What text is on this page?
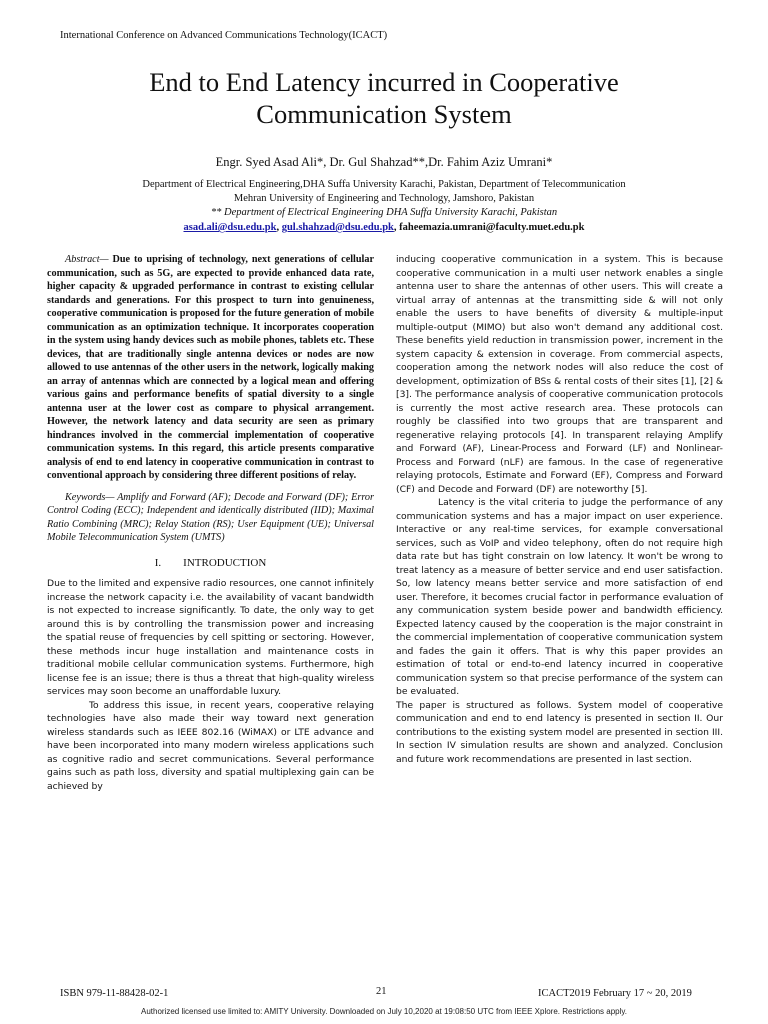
International Conference on Advanced Communications Technology(ICACT)
End to End Latency incurred in Cooperative
Communication System
Engr. Syed Asad Ali*, Dr. Gul Shahzad**,Dr. Fahim Aziz Umrani*
Department of Electrical Engineering,DHA Suffa University Karachi, Pakistan, Department of Telecommunication
Mehran University of Engineering and Technology, Jamshoro, Pakistan
** Department of Electrical Engineering DHA Suffa University Karachi, Pakistan
asad.ali@dsu.edu.pk, gul.shahzad@dsu.edu.pk, faheemazia.umrani@faculty.muet.edu.pk

Abstract— Due to uprising of technology, next generations of cellular communication, such as 5G, are expected to provide enhanced data rate, higher capacity & upgraded performance in contrast to existing cellular standards and generations. For this prospect to turn into genuineness, cooperative communication is proposed for the future generation of mobile communication as an optimization technique. It incorporates cooperation in the system using handy devices such as mobile phones, tablets etc. These devices, that are traditionally single antenna devices or nodes are now allowed to use antennas of the other users in the network, logically making an array of antennas which are connected by a logical mean and offering various gains and performance benefits of spatial diversity to a single antenna user at the lower cost as compare to physical arrangement. However, the network latency and data security are seen as primary hindrances involved in the commercial implementation of cooperative communication systems. In this regard, this article presents comparative analysis of end to end latency in cooperative communication in contrast to conventional approach by considering three different positions of relay.

Keywords— Amplify and Forward (AF); Decode and Forward (DF); Error Control Coding (ECC); Independent and identically distributed (IID); Maximal Ratio Combining (MRC); Relay Station (RS); User Equipment (UE); Universal Mobile Telecommunication System (UMTS)

I. INTRODUCTION

Due to the limited and expensive radio resources, one cannot infinitely increase the network capacity i.e. the availability of vacant bandwidth is not expected to increase significantly. To date, the only way to get around this is by controlling the transmission power and increasing the spatial reuse of frequencies by cell spitting or sectoring. However, these methods incur huge installation and maintenance costs in traditional mobile cellular communication systems. Furthermore, high license fee is an issue; there is thus a threat that high-quality wireless services may soon become an unaffordable luxury.

To address this issue, in recent years, cooperative relaying technologies have also made their way toward next generation wireless standards such as IEEE 802.16 (WiMAX) or LTE advance and have been incorporated into many modern wireless applications such as cognitive radio and secret communications. Several performance gains such as path loss, diversity and spatial multiplexing gain can be achieved by

inducing cooperative communication in a system. This is because cooperative communication in a multi user network enables a single antenna user to share the antennas of other users. This will create a virtual array of antennas at the transmitting side & will not only enable the users to have benefits of diversity & multiple-input multiple-output (MIMO) but also won't demand any additional cost. These benefits yield reduction in transmission power, increment in the system capacity & extension in coverage. From commercial aspects, cooperation among the network nodes will also reduce the cost of development, optimization of BSs & rental costs of their sites [1], [2] & [3]. The performance analysis of cooperative communication protocols is currently the most active research area. These protocols can roughly be classified into two groups that are transparent and regenerative relaying protocols [4]. In transparent relaying Amplify and Forward (AF), Linear-Process and Forward (LF) and Nonlinear-Process and Forward (nLF) are famous. In the case of regenerative relaying protocols, Estimate and Forward (EF), Compress and Forward (CF) and Decode and Forward (DF) are noteworthy [5].

Latency is the vital criteria to judge the performance of any communication systems and has a major impact on user experience. Interactive or any real-time services, for example conversational services, such as VoIP and video telephony, often do not require high data rate but has tight constrain on low latency. It won't be wrong to treat latency as a measure of better service and end user satisfaction. So, low latency means better service and more satisfaction of end user. Therefore, it becomes crucial factor in performance evaluation of any communication system beside power and bandwidth efficiency. Expected latency caused by the cooperation is the major constraint in the commercial implementation of cooperative communication system and fades the gain it offers. That is why this paper provides an estimation of total or end-to-end latency incurred in cooperative communication system so that precise performance of the system can be evaluated.

The paper is structured as follows. System model of cooperative communication and end to end latency is presented in section II. Our contributions to the existing system model are presented in section III. In section IV simulation results are shown and analyzed. Conclusion and future work recommendations are presented in last section.

ISBN 979-11-88428-02-1	21	ICACT2019 February 17 ~ 20, 2019
Authorized licensed use limited to: AMITY University. Downloaded on July 10,2020 at 19:08:50 UTC from IEEE Xplore. Restrictions apply.
